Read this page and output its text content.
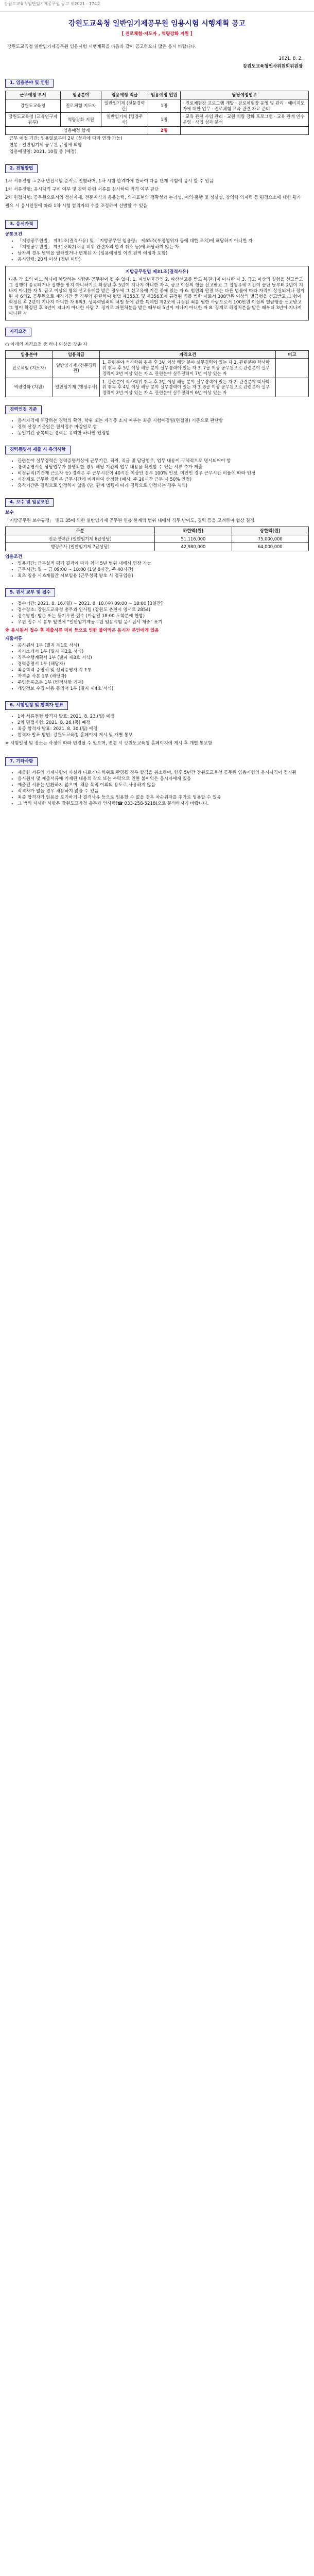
강원도교육청일반임기제공무원 공고 제2021 - 174호
강원도교육청 일반임기제공무원 임용시험 시행계획 공고
[ 진로체험·지도자 , 역량강화 지원 ]
강원도교육청 일반임기제공무원 임용시험 시행계획을 다음과 같이 공고하오니 많은 응시 바랍니다.
2021. 8. 2.
강원도교육청인사위원회위원장
1. 임용분야 및 인원
근무예정 부서	임용분야	임용예정 직급	임용예정 인원	담당예정업무
강원도교육청	진로체험 지도자	일반임기제 (전문경력관)	1명	· 진로체험장 프로그램 개발 · 진로체험장 운영 및 관리 · 예비지도자에 대한 업무 · 진로체험 교육 관련 자료 준비
강원도교육청 (교육연구지원부)	역량강화 지원	일반임기제 (행정주사)	1명	· 교육 관련 사업 관리 · 교원 역량 강화 프로그램 · 교육 관계 연수 운영 · 사업 성과 분석
임용예정 합계			2명	
근무 예정 기간: 임용일로부터 2년 (성과에 따라 연장 가능)
연봉 : 일반임기제 공무원 규정에 의함
임용예정일: 2021. 10월 중 (예정)
2. 전형방법
1차 서류전형 → 2차 면접시험 순서로 진행하며, 1차 시험 합격자에 한하여 다음 단계 시험에 응시 할 수 있음
1차 서류전형: 응시자격 구비 여부 및 경력 관련 서류를 심사하여 적격 여부 판단
2차 면접시험: 공무원으로서의 정신자세, 전문지식과 응용능력, 의사표현의 정확성과 논리성, 예의·품행 및 성실성, 창의력·의지력 등 평정요소에 대한 평가
필요 시 응시인원에 따라 1차 시험 합격자의 수를 조정하여 선발할 수 있음
3. 응시자격
공통요건
• 「지방공무원법」 제31조(결격사유) 및 「지방공무원 임용령」 제65조(부정행위자 등에 대한 조치)에 해당하지 아니한 자
• 「지방공무원법」 제31조의2(채용 비위 관련자의 합격 취소 등)에 해당하지 않는 자
• 남자의 경우 병역을 필하였거나 면제된 자 (임용예정일 이전 전역 예정자 포함)
• 응시연령: 20세 이상 (정년 미만)
지방공무원법 제31조(결격사유)
다음 각 호의 어느 하나에 해당하는 사람은 공무원이 될 수 없다. 1. 피성년후견인 2. 파산선고를 받고 복권되지 아니한 자 3. 금고 이상의 실형을 선고받고 그 집행이 종료되거나 집행을 받지 아니하기로 확정된 후 5년이 지나지 아니한 자 4. 금고 이상의 형을 선고받고 그 집행유예 기간이 끝난 날부터 2년이 지나지 아니한 자 5. 금고 이상의 형의 선고유예를 받은 경우에 그 선고유예 기간 중에 있는 자 6. 법원의 판결 또는 다른 법률에 따라 자격이 상실되거나 정지된 자 6의2. 공무원으로 재직기간 중 직무와 관련하여 형법 제355조 및 제356조에 규정된 죄를 범한 자로서 300만원 이상의 벌금형을 선고받고 그 형이 확정된 후 2년이 지나지 아니한 자 6의3. 성폭력범죄의 처벌 등에 관한 특례법 제2조에 규정된 죄를 범한 사람으로서 100만원 이상의 벌금형을 선고받고 그 형이 확정된 후 3년이 지나지 아니한 사람 7. 징계로 파면처분을 받은 때부터 5년이 지나지 아니한 자 8. 징계로 해임처분을 받은 때부터 3년이 지나지 아니한 자
자격요건
○ 아래의 자격요건 중 하나 이상을 갖춘 자
임용분야	임용직급	자격요건	비고
진로체험 (지도자)	일반임기제 (전문경력관)	1. 관련분야 석사학위 취득 후 3년 이상 해당 분야 실무경력이 있는 자 2. 관련분야 학사학위 취득 후 5년 이상 해당 분야 실무경력이 있는 자 3. 7급 이상 공무원으로 관련분야 실무경력이 2년 이상 있는 자 4. 관련분야 실무경력이 7년 이상 있는 자	
역량강화 (지원)	일반임기제 (행정주사)	1. 관련분야 석사학위 취득 후 2년 이상 해당 분야 실무경력이 있는 자 2. 관련분야 학사학위 취득 후 4년 이상 해당 분야 실무경력이 있는 자 3. 8급 이상 공무원으로 관련분야 실무경력이 2년 이상 있는 자 4. 관련분야 실무경력이 6년 이상 있는 자	
경력인정 기준
• 응시자격에 해당하는 경력의 확인, 학위 또는 자격증 소지 여부는 최종 시험예정일(면접일) 기준으로 판단함
• 경력 산정 기준일은 원서접수 마감일로 함
• 동일기간 중복되는 경력은 유리한 하나만 인정함
경력증명서 제출 시 유의사항
• 관련분야 실무경력은 경력증명서상에 근무기간, 직위, 직급 및 담당업무, 업무 내용이 구체적으로 명시되어야 함
• 경력증명서상 담당업무가 불명확한 경우 해당 기관의 업무 내용을 확인할 수 있는 서류 추가 제출
• 비정규직(기간제 근로자 등) 경력은 주 근무시간이 40시간 이상인 경우 100% 인정, 미만인 경우 근무시간 비율에 따라 인정
• 시간제로 근무한 경력은 근무시간에 비례하여 산정함 (예시: 주 20시간 근무 시 50% 인정)
• 휴직기간은 경력으로 인정하지 않음 (단, 관계 법령에 따라 경력으로 인정되는 경우 제외)
4. 보수 및 임용조건
보수
「지방공무원 보수규정」 별표 35에 의한 일반임기제 공무원 연봉 한계액 범위 내에서 직무 난이도, 경력 등을 고려하여 협상 결정
구분	하한액(원)	상한액(원)
전문경력관 (일반임기제 6급상당)	51,116,000	75,000,000
행정주사 (일반임기제 7급상당)	42,980,000	64,000,000
임용조건
• 임용기간: 근무실적 평가 결과에 따라 최대 5년 범위 내에서 연장 가능
• 근무시간: 월 ~ 금 09:00 ~ 18:00 (1일 8시간, 주 40시간)
• 최초 임용 시 6개월간 시보임용 (근무성적 양호 시 정규임용)
5. 원서 교부 및 접수
• 접수기간: 2021. 8. 16.(월) ~ 2021. 8. 18.(수) 09:00 ~ 18:00 [3일간]
• 접수장소: 강원도교육청 총무과 인사팀 (강원도 춘천시 영서로 2854)
• 접수방법: 방문 또는 등기우편 접수 (마감일 18:00 도착분에 한함)
• 우편 접수 시 봉투 앞면에 "일반임기제공무원 임용시험 응시원서 재중" 표기
※ 응시원서 접수 후 제출서류 미비 등으로 인한 불이익은 응시자 본인에게 있음
제출서류
• 응시원서 1부 (별지 제1호 서식)
• 자기소개서 1부 (별지 제2호 서식)
• 직무수행계획서 1부 (별지 제3호 서식)
• 경력증명서 1부 (해당자)
• 최종학력 증명서 및 성적증명서 각 1부
• 자격증 사본 1부 (해당자)
• 주민등록초본 1부 (병적사항 기재)
• 개인정보 수집·이용 동의서 1부 (별지 제4호 서식)
6. 시험일정 및 합격자 발표
• 1차 서류전형 합격자 발표: 2021. 8. 23.(월) 예정
• 2차 면접시험: 2021. 8. 26.(목) 예정
• 최종 합격자 발표: 2021. 8. 30.(월) 예정
• 합격자 발표 방법: 강원도교육청 홈페이지 게시 및 개별 통보
※ 시험일정 및 장소는 사정에 따라 변경될 수 있으며, 변경 시 강원도교육청 홈페이지에 게시 후 개별 통보함
7. 기타사항
• 제출한 서류의 기재사항이 사실과 다르거나 허위로 판명될 경우 합격을 취소하며, 향후 5년간 강원도교육청 공무원 임용시험의 응시자격이 정지됨
• 응시원서 및 제출서류에 기재된 내용의 착오 또는 누락으로 인한 불이익은 응시자에게 있음
• 제출된 서류는 반환하지 않으며, 채용 목적 이외의 용도로 사용하지 않음
• 적격자가 없을 경우 채용하지 않을 수 있음
• 최종 합격자가 임용을 포기하거나 결격사유 등으로 임용할 수 없을 경우 차순위자를 추가로 임용할 수 있음
• 그 밖의 자세한 사항은 강원도교육청 총무과 인사팀(☎ 033-258-5218)으로 문의하시기 바랍니다.
